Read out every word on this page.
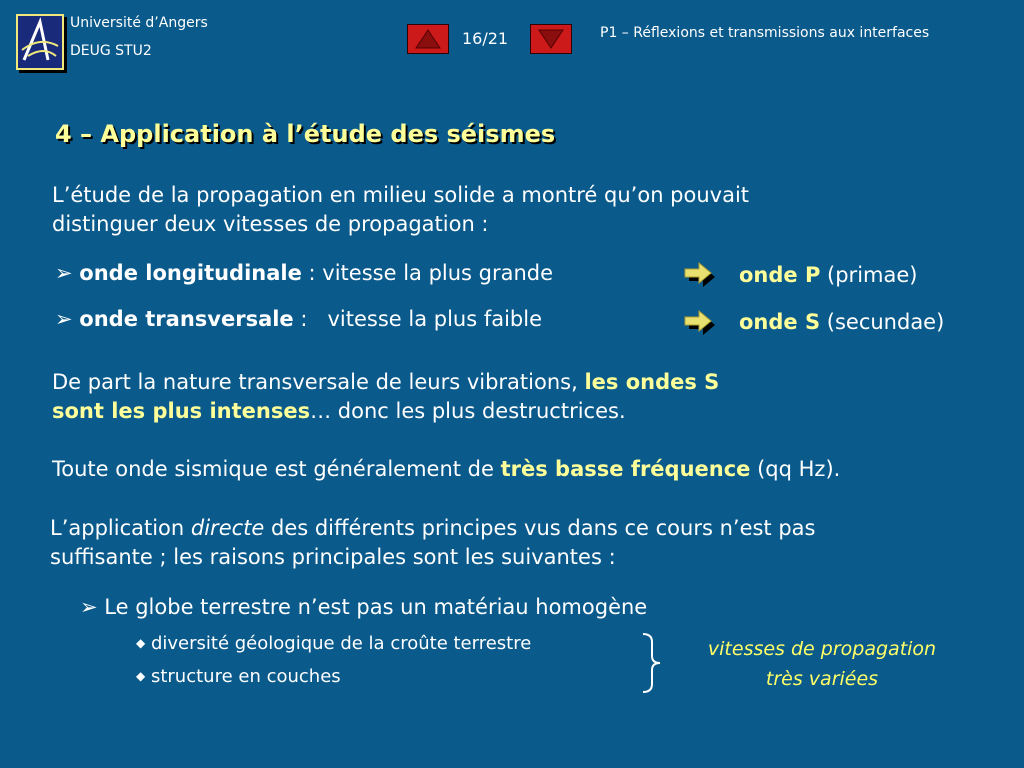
Université d’Angers
DEUG STU2
16/21	P1 – Réflexions et transmissions aux interfaces
4 – Application à l’étude des séismes
L’étude de la propagation en milieu solide a montré qu’on pouvait
distinguer deux vitesses de propagation :
➢ onde longitudinale : vitesse la plus grande	onde P (primae)
➢ onde transversale :   vitesse la plus faible	onde S (secundae)
De part la nature transversale de leurs vibrations, les ondes S
sont les plus intenses… donc les plus destructrices.
Toute onde sismique est généralement de très basse fréquence (qq Hz).
L’application directe des différents principes vus dans ce cours n’est pas
suffisante ; les raisons principales sont les suivantes :
➢ Le globe terrestre n’est pas un matériau homogène
◆ diversité géologique de la croûte terrestre
◆ structure en couches
vitesses de propagation
très variées
